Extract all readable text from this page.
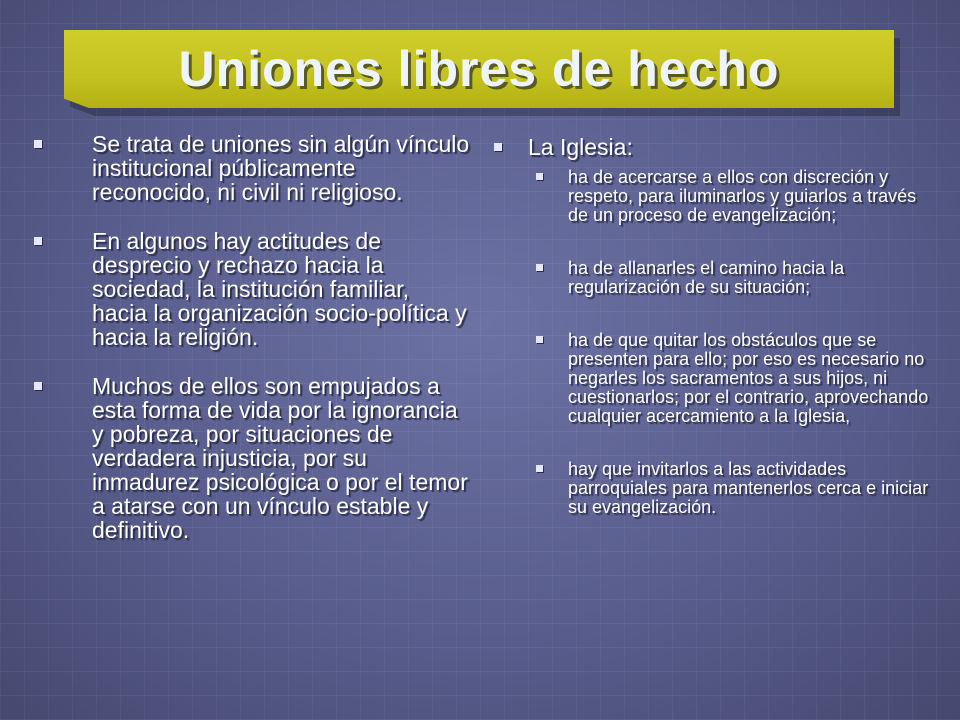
Uniones libres de hecho
Se trata de uniones sin algún vínculo institucional públicamente reconocido, ni civil ni religioso.
En algunos hay actitudes de desprecio y rechazo hacia la sociedad, la institución familiar, hacia la organización socio-política y hacia la religión.
Muchos de ellos son empujados a esta forma de vida por la ignorancia y pobreza, por situaciones de verdadera injusticia, por su inmadurez psicológica o por el temor a atarse con un vínculo estable y definitivo.
La Iglesia:
ha de acercarse a ellos con discreción y respeto, para iluminarlos y guiarlos a través de un proceso de evangelización;
ha de allanarles el camino hacia la regularización de su situación;
ha de que quitar los obstáculos que se presenten para ello; por eso es necesario no negarles los sacramentos a sus hijos, ni cuestionarlos; por el contrario, aprovechando cualquier acercamiento a la Iglesia,
hay que invitarlos a las actividades parroquiales para mantenerlos cerca e iniciar su evangelización.
